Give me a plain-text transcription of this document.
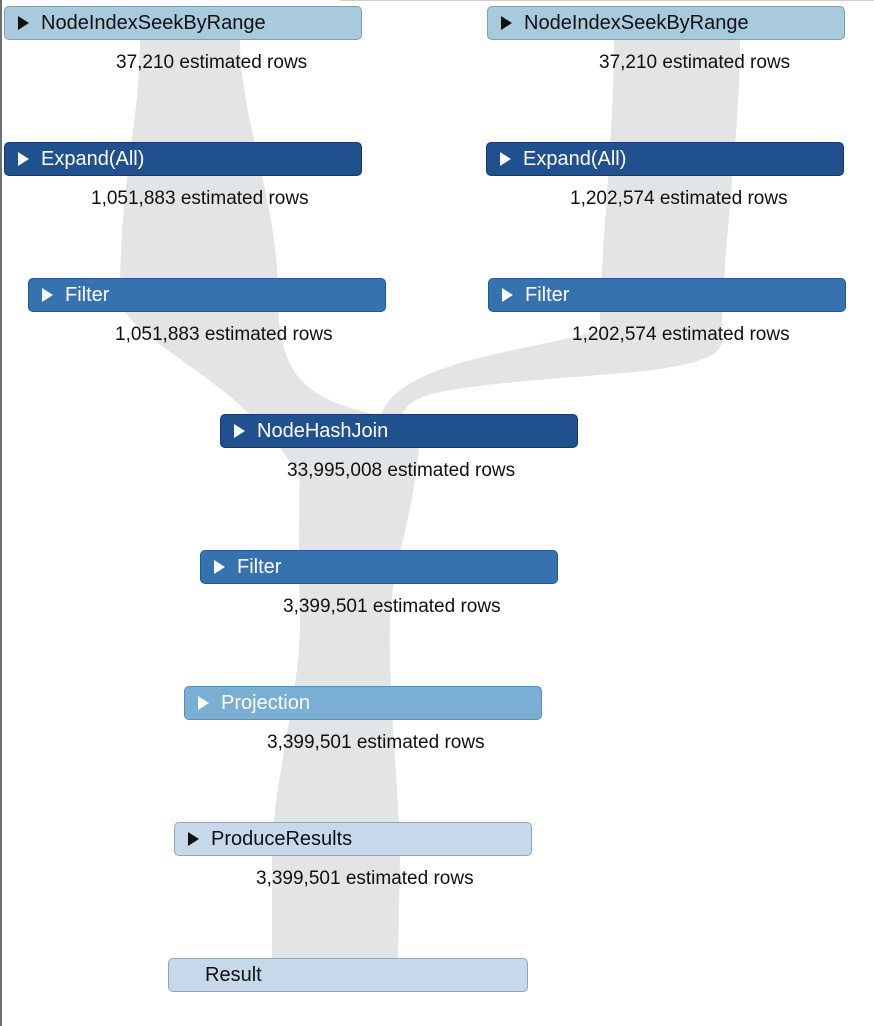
NodeIndexSeekByRange
37,210 estimated rows
NodeIndexSeekByRange
37,210 estimated rows
Expand(All)
1,051,883 estimated rows
Expand(All)
1,202,574 estimated rows
Filter
1,051,883 estimated rows
Filter
1,202,574 estimated rows
NodeHashJoin
33,995,008 estimated rows
Filter
3,399,501 estimated rows
Projection
3,399,501 estimated rows
ProduceResults
3,399,501 estimated rows
Result
